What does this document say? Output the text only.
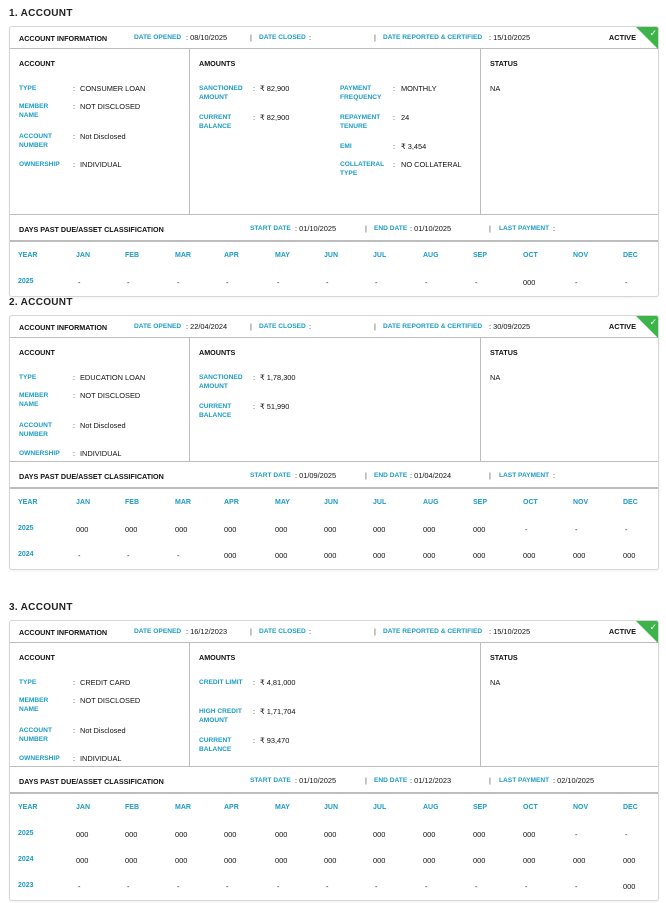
1. ACCOUNT
ACCOUNT INFORMATION	DATE OPENED : 08/10/2025	| DATE CLOSED :	| DATE REPORTED & CERTIFIED : 15/10/2025	ACTIVE ✓
ACCOUNT
TYPE	: CONSUMER LOAN
MEMBER NAME
: NOT DISCLOSED
ACCOUNT NUMBER
: Not Disclosed
OWNERSHIP	: INDIVIDUAL
AMOUNTS
SANCTIONED AMOUNT
: ₹ 82,900
CURRENT BALANCE
: ₹ 82,900
PAYMENT FREQUENCY
: MONTHLY
REPAYMENT TENURE
: 24
EMI	: ₹ 3,454
COLLATERAL TYPE
: NO COLLATERAL
STATUS
NA
DAYS PAST DUE/ASSET CLASSIFICATION	START DATE : 01/10/2025	| END DATE : 01/10/2025	| LAST PAYMENT :
YEAR	JAN	FEB	MAR	APR	MAY	JUN	JUL	AUG	SEP	OCT	NOV	DEC
2025	-	-	-	-	-	-	-	-	-	000	-	-
2. ACCOUNT
ACCOUNT INFORMATION	DATE OPENED : 22/04/2024	| DATE CLOSED :	| DATE REPORTED & CERTIFIED : 30/09/2025	ACTIVE ✓
ACCOUNT
TYPE	: EDUCATION LOAN
MEMBER NAME
: NOT DISCLOSED
ACCOUNT NUMBER
: Not Disclosed
OWNERSHIP	: INDIVIDUAL
AMOUNTS
SANCTIONED AMOUNT
: ₹ 1,78,300
CURRENT BALANCE
: ₹ 51,990
STATUS
NA
DAYS PAST DUE/ASSET CLASSIFICATION	START DATE : 01/09/2025	| END DATE : 01/04/2024	| LAST PAYMENT :
YEAR	JAN	FEB	MAR	APR	MAY	JUN	JUL	AUG	SEP	OCT	NOV	DEC
2025	000	000	000	000	000	000	000	000	000	-	-	-
2024	-	-	-	000	000	000	000	000	000	000	000	000
3. ACCOUNT
ACCOUNT INFORMATION	DATE OPENED : 16/12/2023	| DATE CLOSED :	| DATE REPORTED & CERTIFIED : 15/10/2025	ACTIVE ✓
ACCOUNT
TYPE	: CREDIT CARD
MEMBER NAME
: NOT DISCLOSED
ACCOUNT NUMBER
: Not Disclosed
OWNERSHIP	: INDIVIDUAL
AMOUNTS
CREDIT LIMIT	: ₹ 4,81,000
HIGH CREDIT AMOUNT
: ₹ 1,71,704
CURRENT BALANCE
: ₹ 93,470
STATUS
NA
DAYS PAST DUE/ASSET CLASSIFICATION	START DATE : 01/10/2025	| END DATE : 01/12/2023	| LAST PAYMENT : 02/10/2025
YEAR	JAN	FEB	MAR	APR	MAY	JUN	JUL	AUG	SEP	OCT	NOV	DEC
2025	000	000	000	000	000	000	000	000	000	000	-	-
2024	000	000	000	000	000	000	000	000	000	000	000	000
2023	-	-	-	-	-	-	-	-	-	-	-	000
